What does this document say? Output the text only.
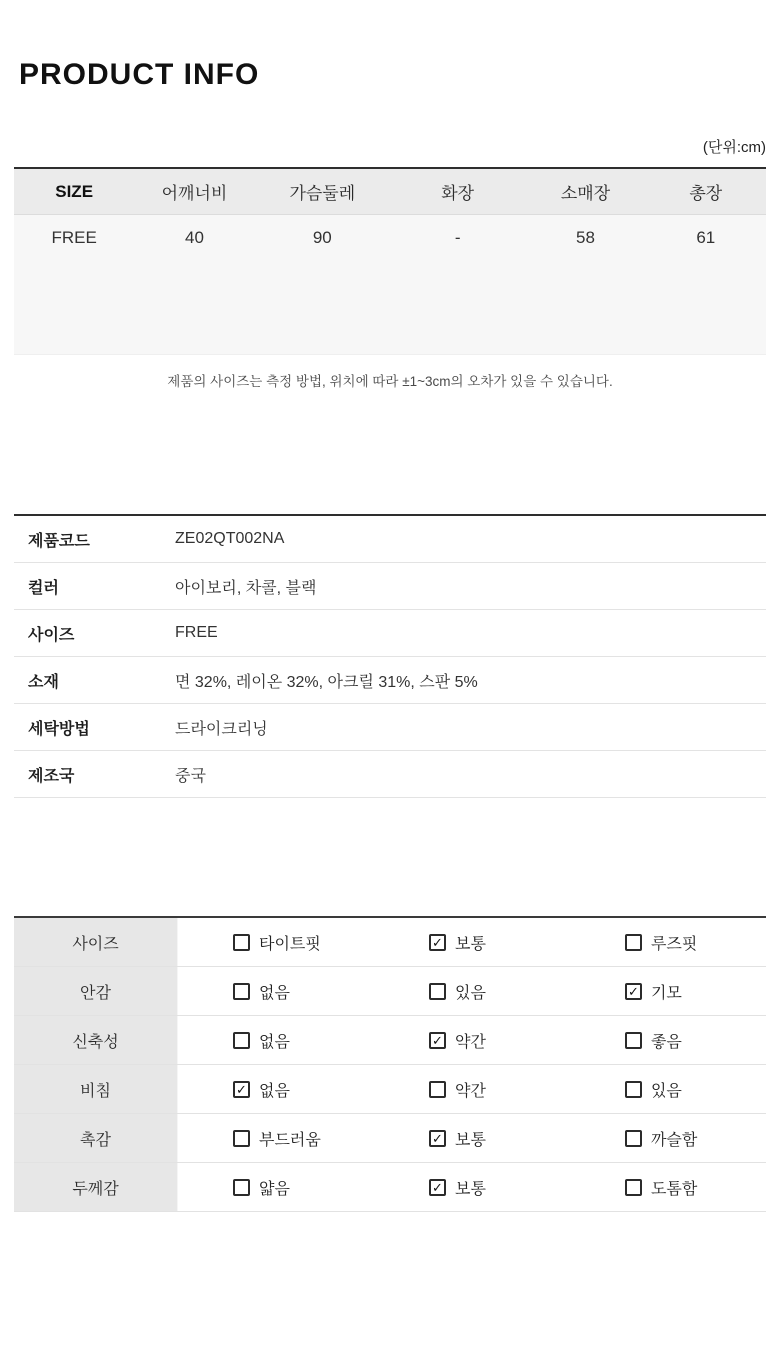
PRODUCT INFO
(단위:cm)
SIZE	어깨너비	가슴둘레	화장	소매장	총장
FREE	40	90	-	58	61
제품의 사이즈는 측정 방법, 위치에 따라 ±1~3cm의 오차가 있을 수 있습니다.
제품코드	ZE02QT002NA
컬러	아이보리, 차콜, 블랙
사이즈	FREE
소재	면 32%, 레이온 32%, 아크릴 31%, 스판 5%
세탁방법	드라이크리닝
제조국	중국
사이즈	타이트핏	✓ 보통	루즈핏
안감	없음	있음	✓ 기모
신축성	없음	✓ 약간	좋음
비침	✓ 없음	약간	있음
촉감	부드러움	✓ 보통	까슬함
두께감	얇음	✓ 보통	도톰함
